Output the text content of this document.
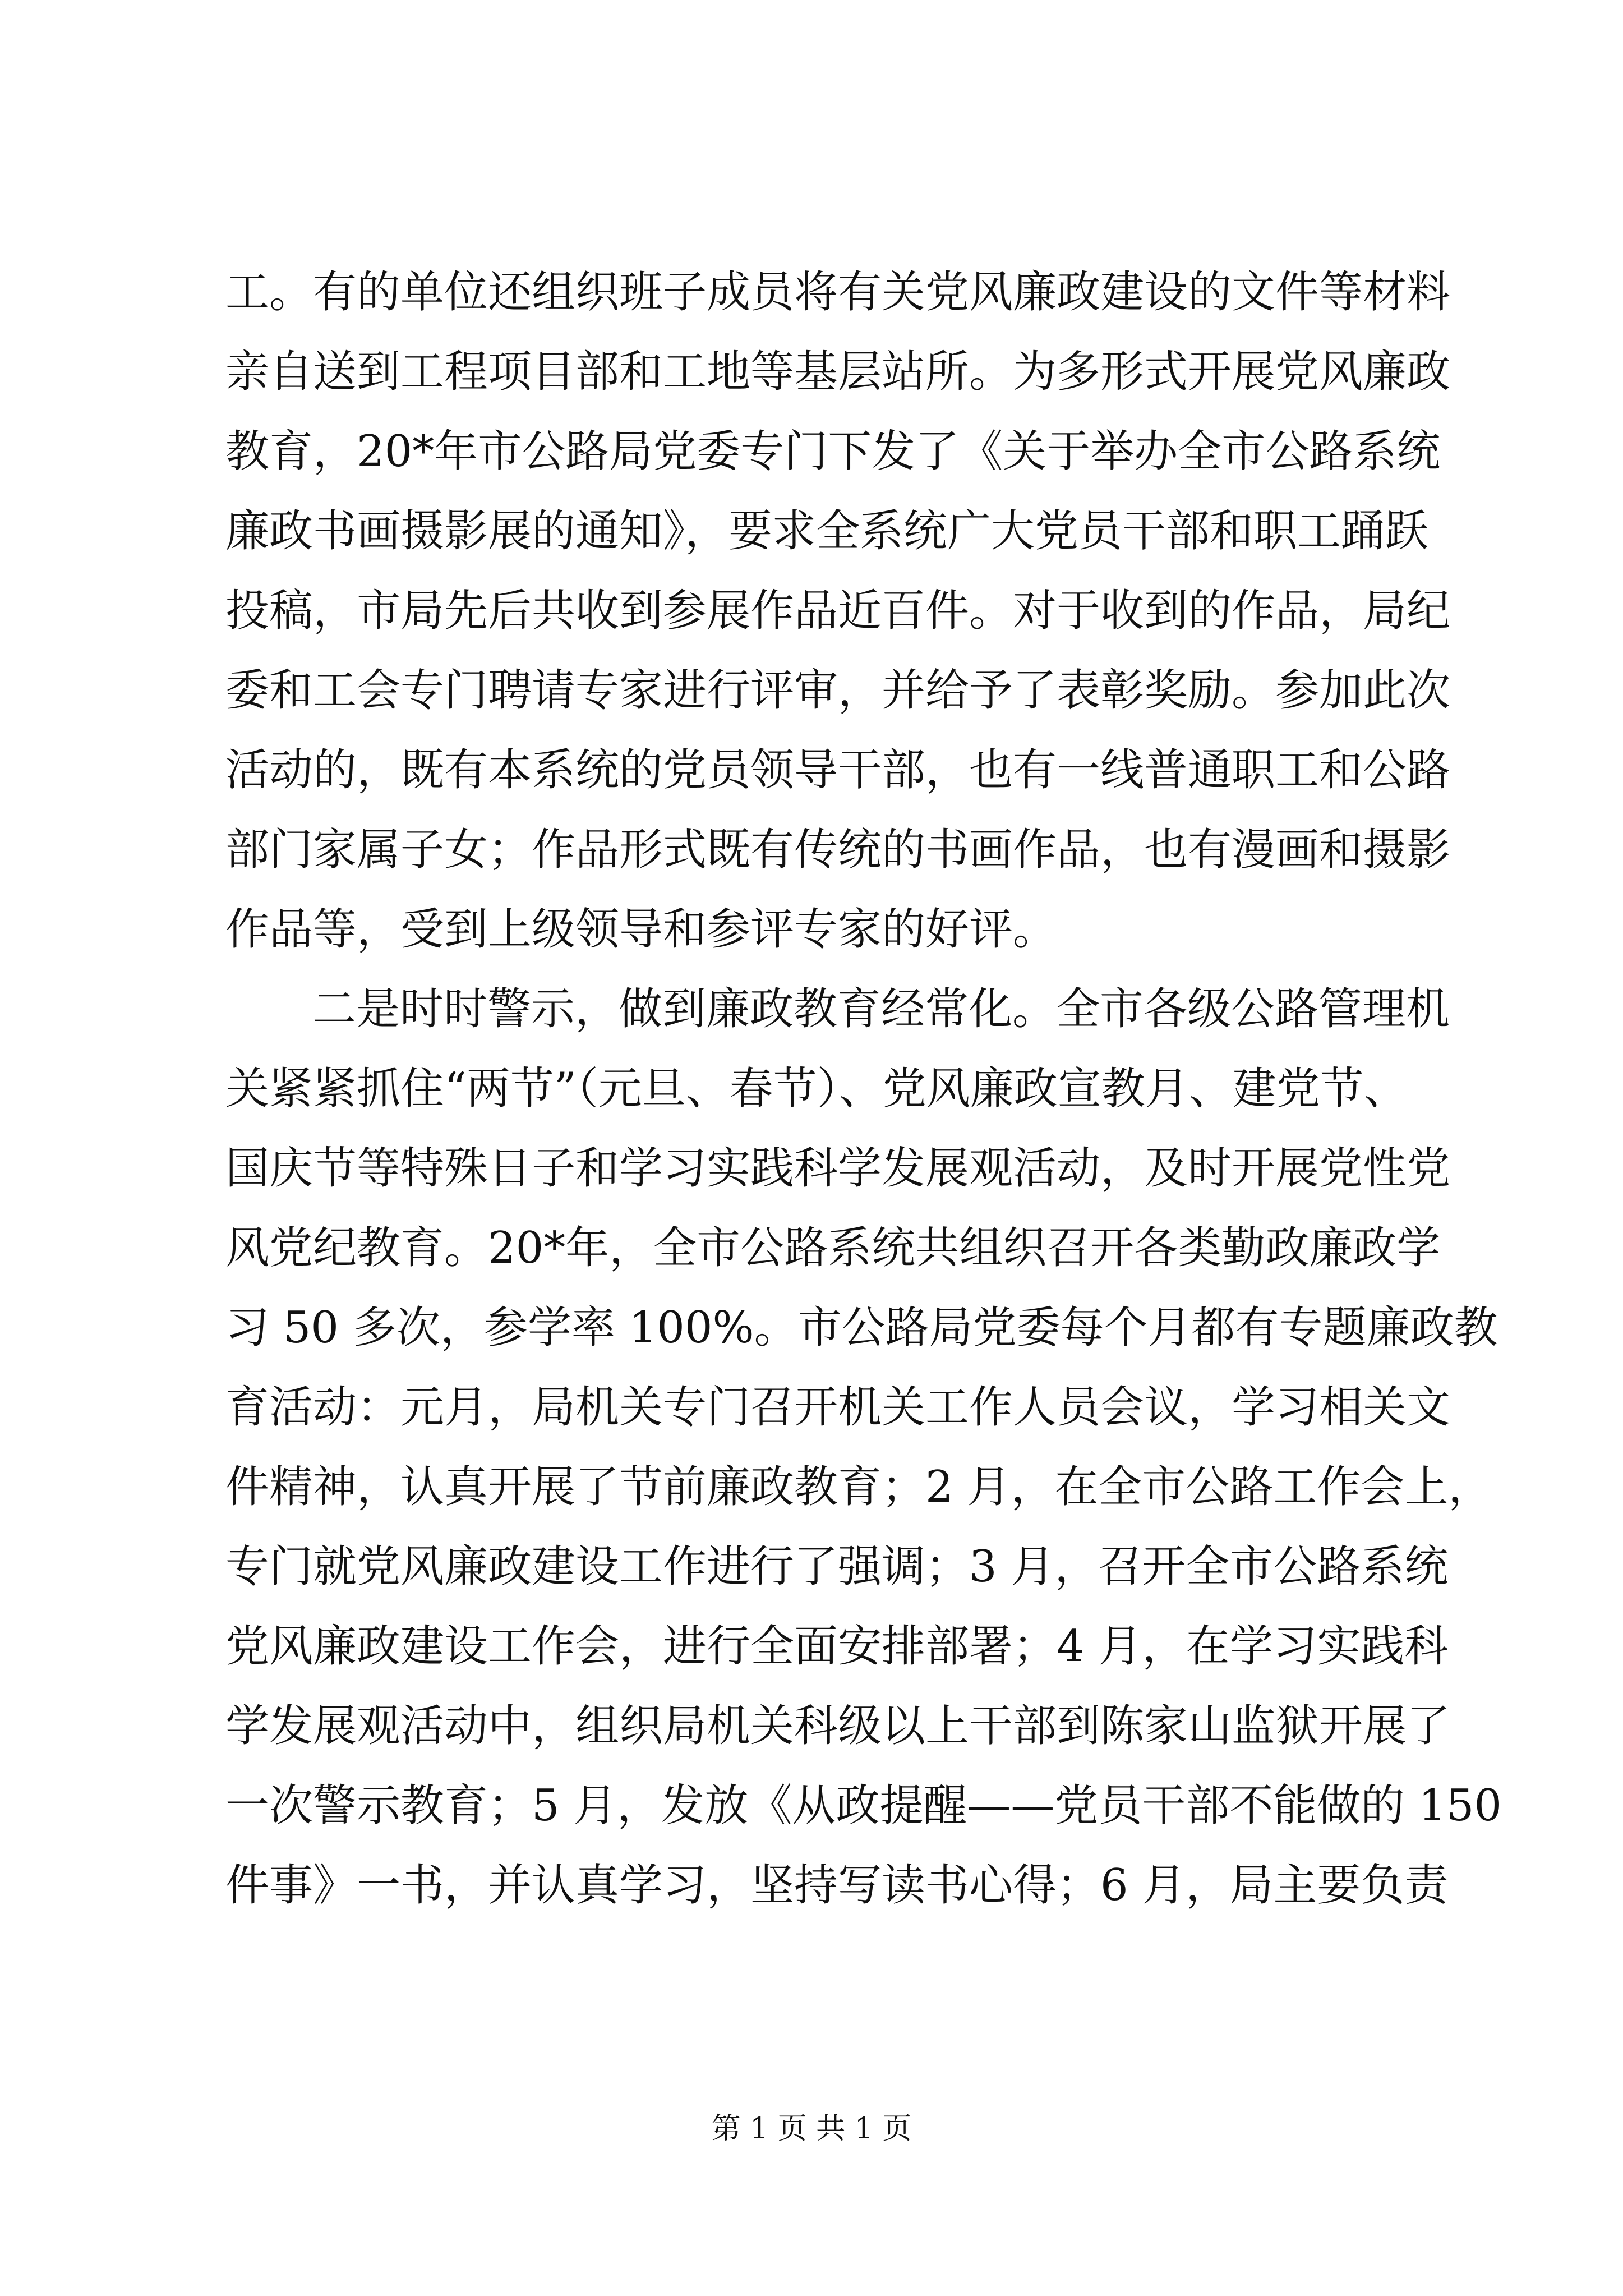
工。有的单位还组织班子成员将有关党风廉政建设的文件等材料
亲自送到工程项目部和工地等基层站所。为多形式开展党风廉政
教育，20*年市公路局党委专门下发了《关于举办全市公路系统
廉政书画摄影展的通知》，要求全系统广大党员干部和职工踊跃
投稿，市局先后共收到参展作品近百件。对于收到的作品，局纪
委和工会专门聘请专家进行评审，并给予了表彰奖励。参加此次
活动的，既有本系统的党员领导干部，也有一线普通职工和公路
部门家属子女；作品形式既有传统的书画作品，也有漫画和摄影
作品等，受到上级领导和参评专家的好评。
二是时时警示，做到廉政教育经常化。全市各级公路管理机
关紧紧抓住“两节”（元旦、春节）、党风廉政宣教月、建党节、
国庆节等特殊日子和学习实践科学发展观活动，及时开展党性党
风党纪教育。20*年，全市公路系统共组织召开各类勤政廉政学
习 50 多次，参学率 100%。市公路局党委每个月都有专题廉政教
育活动：元月，局机关专门召开机关工作人员会议，学习相关文
件精神，认真开展了节前廉政教育；2 月，在全市公路工作会上，
专门就党风廉政建设工作进行了强调；3 月，召开全市公路系统
党风廉政建设工作会，进行全面安排部署；4 月，在学习实践科
学发展观活动中，组织局机关科级以上干部到陈家山监狱开展了
一次警示教育；5 月，发放《从政提醒——党员干部不能做的 150
件事》一书，并认真学习，坚持写读书心得；6 月，局主要负责
第 1 页 共 1 页
